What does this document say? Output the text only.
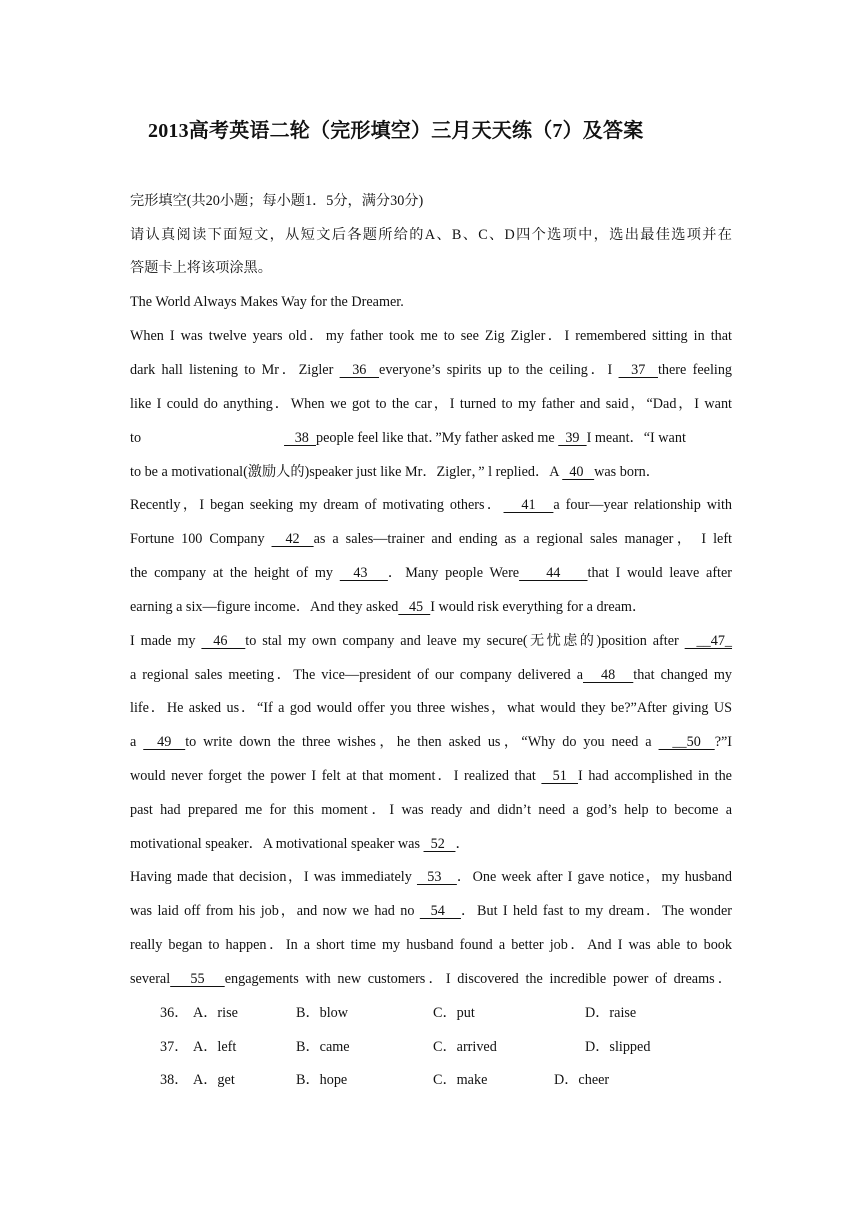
2013高考英语二轮（完形填空）三月天天练（7）及答案
完形填空(共20小题；每小题1．5分，满分30分)
请认真阅读下面短文，从短文后各题所给的A、B、C、D四个选项中，选出最佳选项并在
答题卡上将该项涂黑。
The World Always Makes Way for the Dreamer.
When I was twelve years old．my father took me to see Zig Zigler．I remembered sitting in that
dark hall listening to Mr．Zigler   36  everyone’s spirits up to the ceiling．I   37  there feeling
like I could do anything．When we got to the car，I turned to my father and said，“Dad，I want
to	38  people feel like that．”My father asked me   39  I meant．“I want
to be a motivational(激励人的)speaker just like Mr．Zigler，” l replied．A   40   was born．
Recently，I began seeking my dream of motivating others．   41   a four—year relationship with
Fortune 100 Company   42  as a sales—trainer and ending as a regional sales manager， I left
the company at the height of my   43   ．Many people Were    44    that I would leave after
earning a six—figure income．And they asked   45  I would risk everything for a dream．
I made my   46   to stal my own company and leave my secure(无忧虑的)position after   __47_
a regional sales meeting．The vice—president of our company delivered a   48   that changed my
life．He asked us．“If a god would offer you three wishes，what would they be?”After giving US
a   49  to write down the three wishes，he then asked us，“Why do you need a   __50  ?”I
would never forget the power I felt at that moment．I realized that   51  I had accomplished in the
past had prepared me for this moment．I was ready and didn’t need a god’s help to become a
motivational speaker．A motivational speaker was   52   ．
Having made that decision，I was immediately   53   ．One week after I gave notice，my husband
was laid off from his job，and now we had no   54   ．But I held fast to my dream．The wonder
really began to happen．In a short time my husband found a better job．And I was able to book
several   55   engagements with new customers．I discovered the incredible power of dreams．
36． A．rise	B．blow	C．put	D．raise
37． A．left	B．came	C．arrived	D．slipped
38． A．get	B．hope	C．make	D．cheer
